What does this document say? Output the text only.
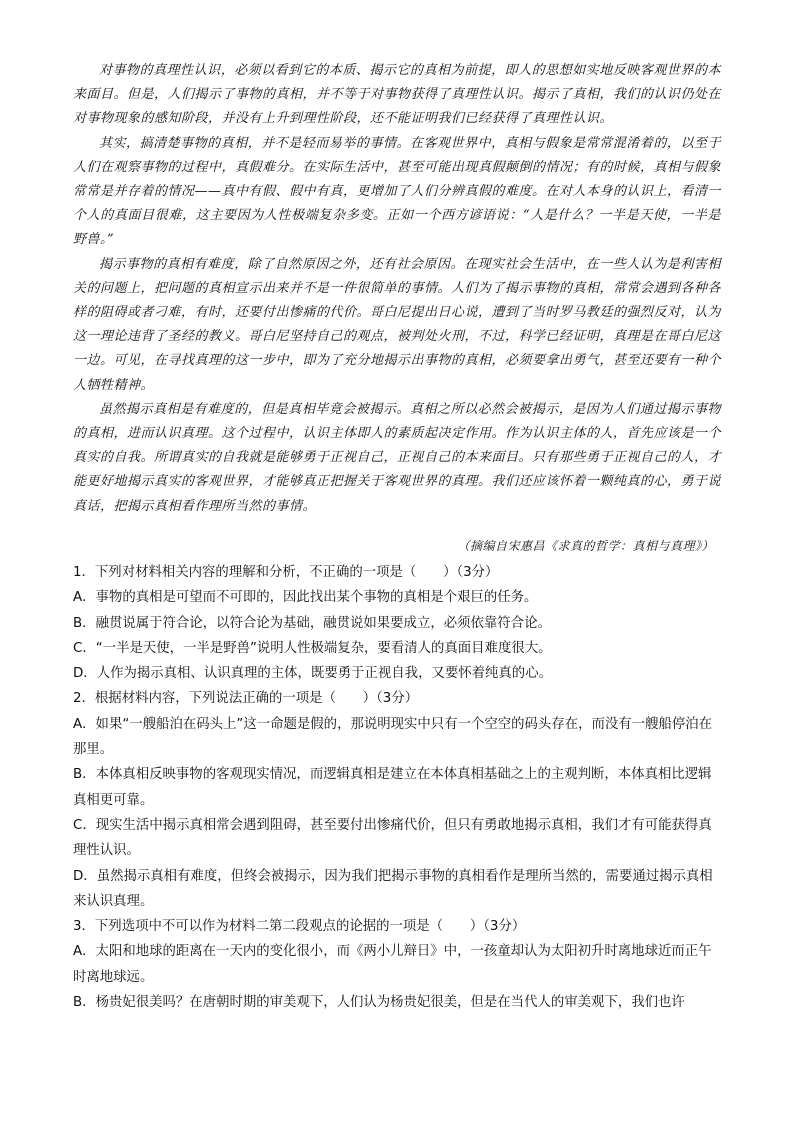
对事物的真理性认识，必须以看到它的本质、揭示它的真相为前提，即人的思想如实地反映客观世界的本来面目。但是，人们揭示了事物的真相，并不等于对事物获得了真理性认识。揭示了真相，我们的认识仍处在对事物现象的感知阶段，并没有上升到理性阶段，还不能证明我们已经获得了真理性认识。

其实，搞清楚事物的真相，并不是轻而易举的事情。在客观世界中，真相与假象是常常混淆着的，以至于人们在观察事物的过程中，真假难分。在实际生活中，甚至可能出现真假颠倒的情况；有的时候，真相与假象常常是并存着的情况——真中有假、假中有真，更增加了人们分辨真假的难度。在对人本身的认识上，看清一个人的真面目很难，这主要因为人性极端复杂多变。正如一个西方谚语说：“人是什么？一半是天使，一半是野兽。”

揭示事物的真相有难度，除了自然原因之外，还有社会原因。在现实社会生活中，在一些人认为是利害相关的问题上，把问题的真相宣示出来并不是一件很简单的事情。人们为了揭示事物的真相，常常会遇到各种各样的阻碍或者刁难，有时，还要付出惨痛的代价。哥白尼提出日心说，遭到了当时罗马教廷的强烈反对，认为这一理论违背了圣经的教义。哥白尼坚持自己的观点，被判处火刑，不过，科学已经证明，真理是在哥白尼这一边。可见，在寻找真理的这一步中，即为了充分地揭示出事物的真相，必须要拿出勇气，甚至还要有一种个人牺牲精神。

虽然揭示真相是有难度的，但是真相毕竟会被揭示。真相之所以必然会被揭示，是因为人们通过揭示事物的真相，进而认识真理。这个过程中，认识主体即人的素质起决定作用。作为认识主体的人，首先应该是一个真实的自我。所谓真实的自我就是能够勇于正视自己，正视自己的本来面目。只有那些勇于正视自己的人，才能更好地揭示真实的客观世界，才能够真正把握关于客观世界的真理。我们还应该怀着一颗纯真的心，勇于说真话，把揭示真相看作理所当然的事情。

（摘编自宋惠昌《求真的哲学：真相与真理》）

1．下列对材料相关内容的理解和分析，不正确的一项是（　　）（3分）

A．事物的真相是可望而不可即的，因此找出某个事物的真相是个艰巨的任务。

B．融贯说属于符合论，以符合论为基础，融贯说如果要成立，必须依靠符合论。

C．“一半是天使，一半是野兽”说明人性极端复杂，要看清人的真面目难度很大。

D．人作为揭示真相、认识真理的主体，既要勇于正视自我，又要怀着纯真的心。

2．根据材料内容，下列说法正确的一项是（　　）（3分）

A．如果“一艘船泊在码头上”这一命题是假的，那说明现实中只有一个空空的码头存在，而没有一艘船停泊在那里。

B．本体真相反映事物的客观现实情况，而逻辑真相是建立在本体真相基础之上的主观判断，本体真相比逻辑真相更可靠。

C．现实生活中揭示真相常会遇到阻碍，甚至要付出惨痛代价，但只有勇敢地揭示真相，我们才有可能获得真理性认识。

D．虽然揭示真相有难度，但终会被揭示，因为我们把揭示事物的真相看作是理所当然的，需要通过揭示真相来认识真理。

3．下列选项中不可以作为材料二第二段观点的论据的一项是（　　）（3分）

A．太阳和地球的距离在一天内的变化很小，而《两小儿辩日》中，一孩童却认为太阳初升时离地球近而正午时离地球远。

B．杨贵妃很美吗？在唐朝时期的审美观下，人们认为杨贵妃很美，但是在当代人的审美观下，我们也许
